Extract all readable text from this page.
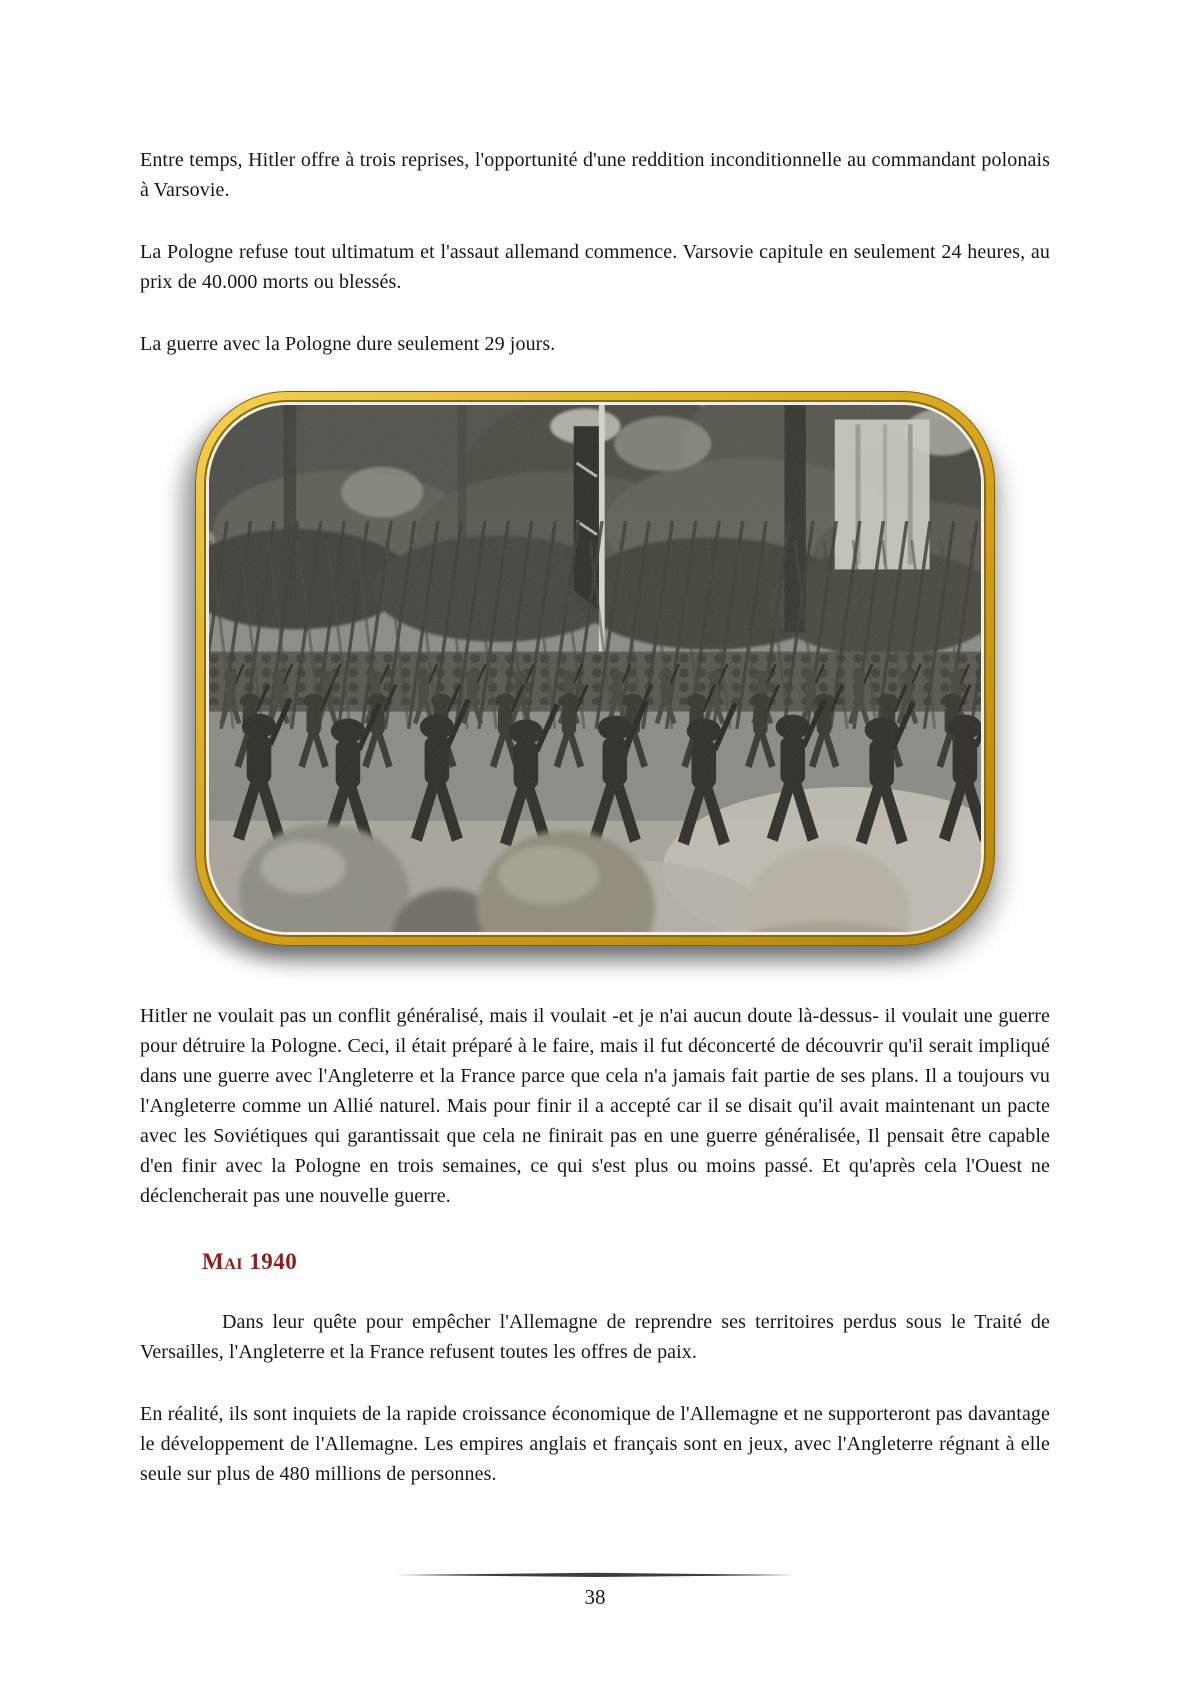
Entre temps, Hitler offre à trois reprises, l'opportunité d'une reddition inconditionnelle au commandant polonais à Varsovie.

La Pologne refuse tout ultimatum et l'assaut allemand commence. Varsovie capitule en seulement 24 heures, au prix de 40.000 morts ou blessés.

La guerre avec la Pologne dure seulement 29 jours.

Hitler ne voulait pas un conflit généralisé, mais il voulait -et je n'ai aucun doute là-dessus- il voulait une guerre pour détruire la Pologne. Ceci, il était préparé à le faire, mais il fut déconcerté de découvrir qu'il serait impliqué dans une guerre avec l'Angleterre et la France parce que cela n'a jamais fait partie de ses plans. Il a toujours vu l'Angleterre comme un Allié naturel. Mais pour finir il a accepté car il se disait qu'il avait maintenant un pacte avec les Soviétiques qui garantissait que cela ne finirait pas en une guerre généralisée, Il pensait être capable d'en finir avec la Pologne en trois semaines, ce qui s'est plus ou moins passé. Et qu'après cela l'Ouest ne déclencherait pas une nouvelle guerre.

Mai 1940

Dans leur quête pour empêcher l'Allemagne de reprendre ses territoires perdus sous le Traité de Versailles, l'Angleterre et la France refusent toutes les offres de paix.

En réalité, ils sont inquiets de la rapide croissance économique de l'Allemagne et ne supporteront pas davantage le développement de l'Allemagne. Les empires anglais et français sont en jeux, avec l'Angleterre régnant à elle seule sur plus de 480 millions de personnes.

38
